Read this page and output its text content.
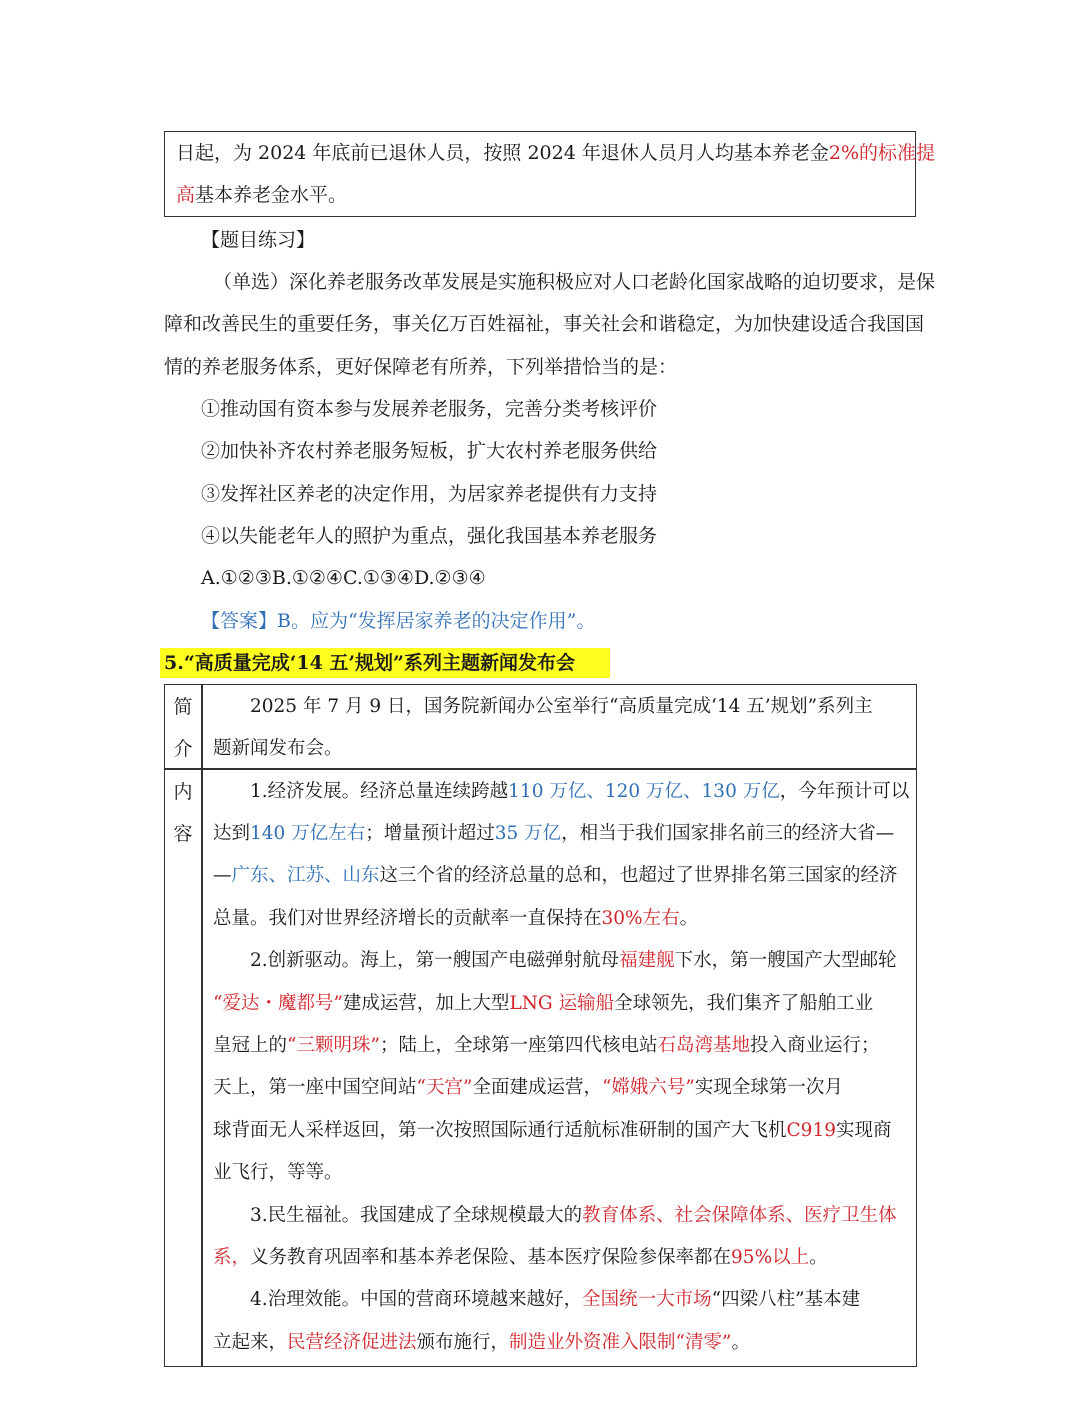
日起，为 2024 年底前已退休人员，按照 2024 年退休人员月人均基本养老金2%的标准提
高基本养老金水平。
【题目练习】
（单选）深化养老服务改革发展是实施积极应对人口老龄化国家战略的迫切要求，是保
障和改善民生的重要任务，事关亿万百姓福祉，事关社会和谐稳定，为加快建设适合我国国
情的养老服务体系，更好保障老有所养，下列举措恰当的是：
①推动国有资本参与发展养老服务，完善分类考核评价
②加快补齐农村养老服务短板，扩大农村养老服务供给
③发挥社区养老的决定作用，为居家养老提供有力支持
④以失能老年人的照护为重点，强化我国基本养老服务
A.①②③B.①②④C.①③④D.②③④
【答案】B。应为“发挥居家养老的决定作用”。
5.“高质量完成‘14 五’规划”系列主题新闻发布会
简
介
内
容
2025 年 7 月 9 日，国务院新闻办公室举行“高质量完成‘14 五’规划”系列主
题新闻发布会。
1.经济发展。经济总量连续跨越110 万亿、120 万亿、130 万亿，今年预计可以
达到140 万亿左右；增量预计超过35 万亿，相当于我们国家排名前三的经济大省—
—广东、江苏、山东这三个省的经济总量的总和，也超过了世界排名第三国家的经济
总量。我们对世界经济增长的贡献率一直保持在30%左右。
2.创新驱动。海上，第一艘国产电磁弹射航母福建舰下水，第一艘国产大型邮轮
“爱达・魔都号”建成运营，加上大型LNG 运输船全球领先，我们集齐了船舶工业
皇冠上的“三颗明珠”；陆上，全球第一座第四代核电站石岛湾基地投入商业运行；
天上，第一座中国空间站“天宫”全面建成运营，“嫦娥六号”实现全球第一次月
球背面无人采样返回，第一次按照国际通行适航标准研制的国产大飞机C919实现商
业飞行，等等。
3.民生福祉。我国建成了全球规模最大的教育体系、社会保障体系、医疗卫生体
系，义务教育巩固率和基本养老保险、基本医疗保险参保率都在95%以上。
4.治理效能。中国的营商环境越来越好，全国统一大市场“四梁八柱”基本建
立起来，民营经济促进法颁布施行，制造业外资准入限制“清零”。
